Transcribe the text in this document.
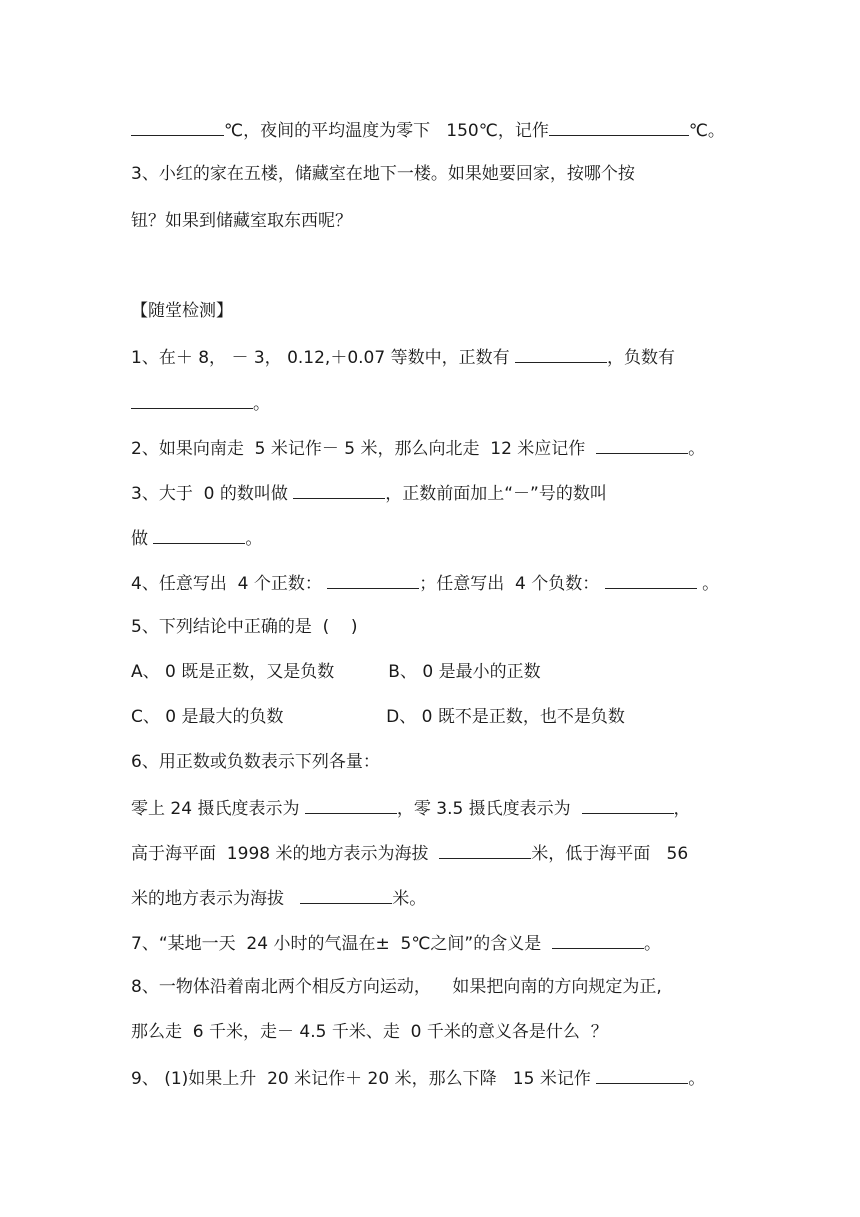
℃，夜间的平均温度为零下   150℃，记作	℃。
3、小红的家在五楼，储藏室在地下一楼。如果她要回家，按哪个按
钮？如果到储藏室取东西呢？
【随堂检测】
1、在＋ 8， － 3， 0.12,＋0.07 等数中，正数有	，负数有
。
2、如果向南走  5 米记作－ 5 米，那么向北走  12 米应记作	。
3、大于  0 的数叫做	，正数前面加上“－”号的数叫
做	。
4、任意写出  4 个正数：	；任意写出  4 个负数：	。
5、下列结论中正确的是  (    )
A、 0 既是正数，又是负数          B、 0 是最小的正数
C、 0 是最大的负数                   D、 0 既不是正数，也不是负数
6、用正数或负数表示下列各量：
零上 24 摄氏度表示为	，零 3.5 摄氏度表示为	，
高于海平面  1998 米的地方表示为海拔	米，低于海平面   56
米的地方表示为海拔	米。
7、“某地一天  24 小时的气温在±  5℃之间”的含义是	。
8、一物体沿着南北两个相反方向运动，    如果把向南的方向规定为正,
那么走  6 千米，走－ 4.5 千米、走  0 千米的意义各是什么  ？
9、 (1)如果上升  20 米记作＋ 20 米，那么下降   15 米记作	。
